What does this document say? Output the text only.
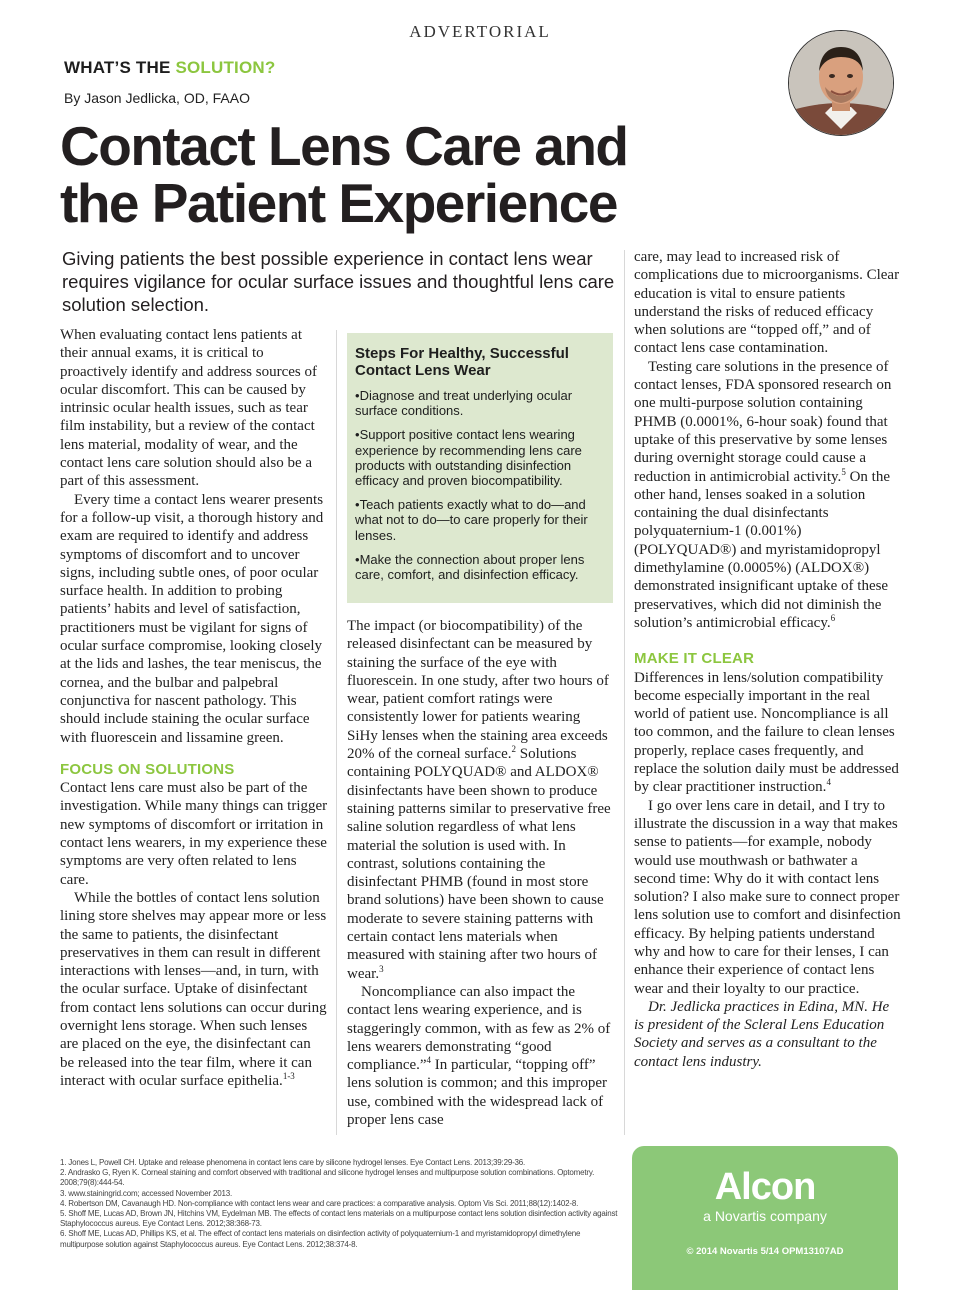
ADVERTORIAL
WHAT’S THE SOLUTION?
By Jason Jedlicka, OD, FAAO
Contact Lens Care and
the Patient Experience

Giving patients the best possible experience in contact lens wear requires vigilance for ocular surface issues and thoughtful lens care solution selection.

When evaluating contact lens patients at their annual exams, it is critical to proactively identify and address sources of ocular discomfort. This can be caused by intrinsic ocular health issues, such as tear film instability, but a review of the contact lens material, modality of wear, and the contact lens care solution should also be a part of this assessment.

Every time a contact lens wearer presents for a follow-up visit, a thorough history and exam are required to identify and address symptoms of discomfort and to uncover signs, including subtle ones, of poor ocular surface health. In addition to probing patients’ habits and level of satisfaction, practitioners must be vigilant for signs of ocular surface compromise, looking closely at the lids and lashes, the tear meniscus, the cornea, and the bulbar and palpebral conjunctiva for nascent pathology. This should include staining the ocular surface with fluorescein and lissamine green.

FOCUS ON SOLUTIONS

Contact lens care must also be part of the investigation. While many things can trigger new symptoms of discomfort or irritation in contact lens wearers, in my experience these symptoms are very often related to lens care.

While the bottles of contact lens solution lining store shelves may appear more or less the same to patients, the disinfectant preservatives in them can result in different interactions with lenses—and, in turn, with the ocular surface. Uptake of disinfectant from contact lens solutions can occur during overnight lens storage. When such lenses are placed on the eye, the disinfectant can be released into the tear film, where it can interact with ocular surface epithelia.$^{1-3}$

Steps For Healthy, Successful Contact Lens Wear
• Diagnose and treat underlying ocular surface conditions.
• Support positive contact lens wearing experience by recommending lens care products with outstanding disinfection efficacy and proven biocompatibility.
• Teach patients exactly what to do—and what not to do—to care properly for their lenses.
• Make the connection about proper lens care, comfort, and disinfection efficacy.

The impact (or biocompatibility) of the released disinfectant can be measured by staining the surface of the eye with fluorescein. In one study, after two hours of wear, patient comfort ratings were consistently lower for patients wearing SiHy lenses when the staining area exceeds 20% of the corneal surface.$^2$ Solutions containing POLYQUAD® and ALDOX® disinfectants have been shown to produce staining patterns similar to preservative free saline solution regardless of what lens material the solution is used with. In contrast, solutions containing the disinfectant PHMB (found in most store brand solutions) have been shown to cause moderate to severe staining patterns with certain contact lens materials when measured with staining after two hours of wear.$^3$

Noncompliance can also impact the contact lens wearing experience, and is staggeringly common, with as few as 2% of lens wearers demonstrating “good compliance.”$^4$ In particular, “topping off” lens solution is common; and this improper use, combined with the widespread lack of proper lens case

care, may lead to increased risk of complications due to microorganisms. Clear education is vital to ensure patients understand the risks of reduced efficacy when solutions are “topped off,” and of contact lens case contamination.

Testing care solutions in the presence of contact lenses, FDA sponsored research on one multi-purpose solution containing PHMB (0.0001%, 6-hour soak) found that uptake of this preservative by some lenses during overnight storage could cause a reduction in antimicrobial activity.$^5$ On the other hand, lenses soaked in a solution containing the dual disinfectants polyquaternium-1 (0.001%) (POLYQUAD®) and myristamidopropyl dimethylamine (0.0005%) (ALDOX®) demonstrated insignificant uptake of these preservatives, which did not diminish the solution’s antimicrobial efficacy.$^6$

MAKE IT CLEAR

Differences in lens/solution compatibility become especially important in the real world of patient use. Noncompliance is all too common, and the failure to clean lenses properly, replace cases frequently, and replace the solution daily must be addressed by clear practitioner instruction.$^4$

I go over lens care in detail, and I try to illustrate the discussion in a way that makes sense to patients—for example, nobody would use mouthwash or bathwater a second time: Why do it with contact lens solution? I also make sure to connect proper lens solution use to comfort and disinfection efficacy. By helping patients understand why and how to care for their lenses, I can enhance their experience of contact lens wear and their loyalty to our practice.

Dr. Jedlicka practices in Edina, MN. He is president of the Scleral Lens Education Society and serves as a consultant to the contact lens industry.

1. Jones L, Powell CH. Uptake and release phenomena in contact lens care by silicone hydrogel lenses. Eye Contact Lens. 2013;39:29-36.
2. Andrasko G, Ryen K. Corneal staining and comfort observed with traditional and silicone hydrogel lenses and multipurpose solution combinations. Optometry. 2008;79(8):444-54.
3. www.stainingrid.com; accessed November 2013.
4. Robertson DM, Cavanaugh HD. Non-compliance with contact lens wear and care practices: a comparative analysis. Optom Vis Sci. 2011;88(12):1402-8.
5. Shoff ME, Lucas AD, Brown JN, Hitchins VM, Eydelman MB. The effects of contact lens materials on a multipurpose contact lens solution disinfection activity against Staphylococcus aureus. Eye Contact Lens. 2012;38:368-73.
6. Shoff ME, Lucas AD, Phillips KS, et al. The effect of contact lens materials on disinfection activity of polyquaternium-1 and myristamidopropyl dimethylene multipurpose solution against Staphylococcus aureus. Eye Contact Lens. 2012;38:374-8.
Alcon
a Novartis company
© 2014 Novartis 5/14 OPM13107AD
